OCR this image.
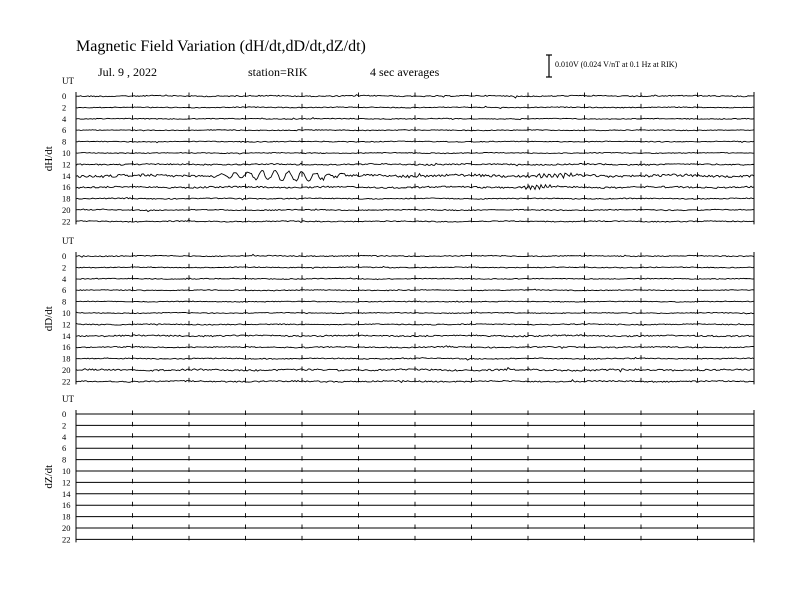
Magnetic Field Variation (dH/dt,dD/dt,dZ/dt)
Jul. 9 , 2022	station=RIK	4 sec averages
0.010V (0.024 V/nT at 0.1 Hz at RIK)
UT
dH/dt
0
2
4
6
8
10
12
14
16
18
20
22
UT
dD/dt
0
2
4
6
8
10
12
14
16
18
20
22
UT
dZ/dt
0
2
4
6
8
10
12
14
16
18
20
22
